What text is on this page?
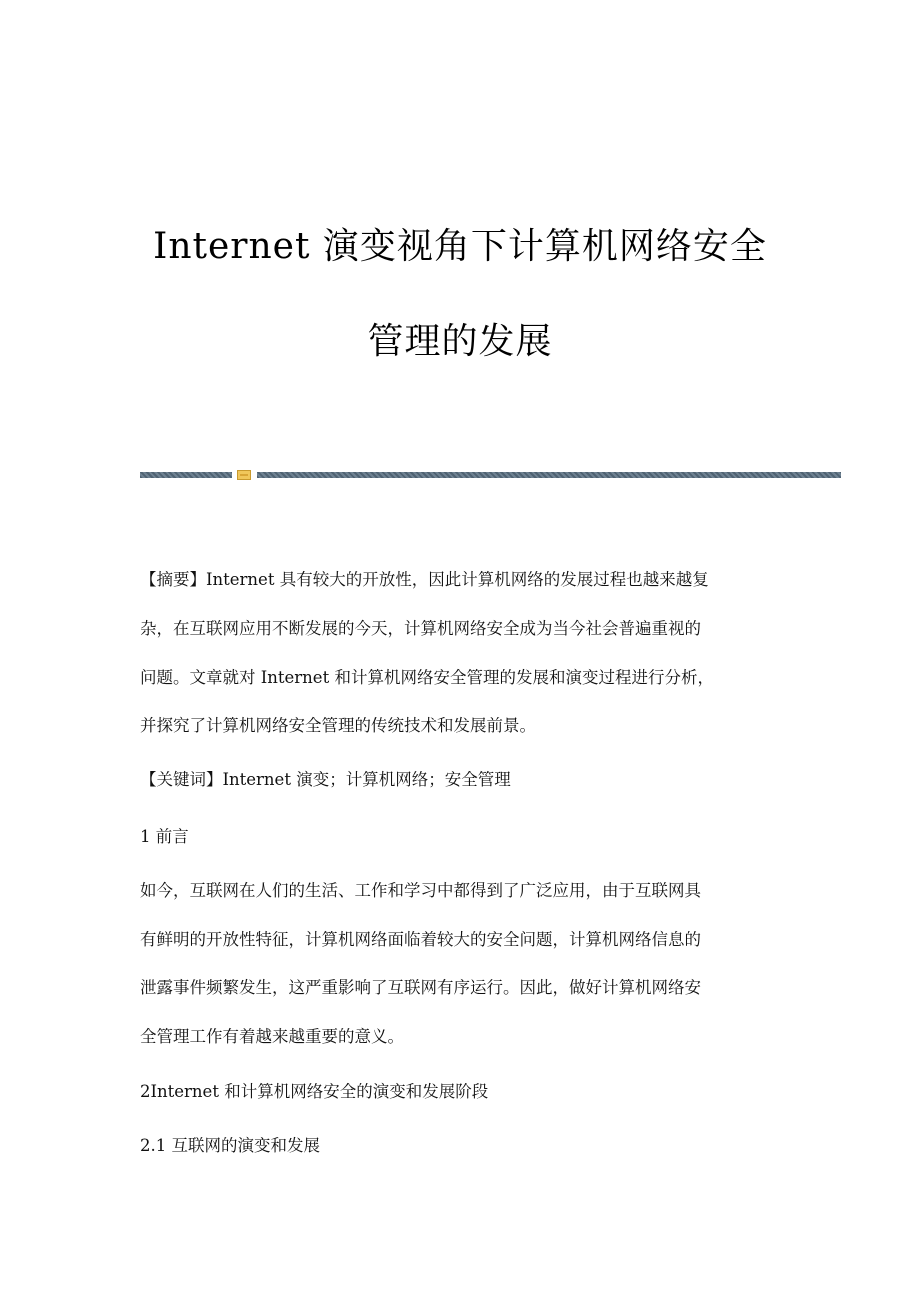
Internet 演变视角下计算机网络安全
管理的发展

【摘要】Internet 具有较大的开放性，因此计算机网络的发展过程也越来越复

杂，在互联网应用不断发展的今天，计算机网络安全成为当今社会普遍重视的

问题。文章就对 Internet 和计算机网络安全管理的发展和演变过程进行分析，

并探究了计算机网络安全管理的传统技术和发展前景。

【关键词】Internet 演变；计算机网络；安全管理

1 前言

如今，互联网在人们的生活、工作和学习中都得到了广泛应用，由于互联网具

有鲜明的开放性特征，计算机网络面临着较大的安全问题，计算机网络信息的

泄露事件频繁发生，这严重影响了互联网有序运行。因此，做好计算机网络安

全管理工作有着越来越重要的意义。

2Internet 和计算机网络安全的演变和发展阶段

2.1 互联网的演变和发展
